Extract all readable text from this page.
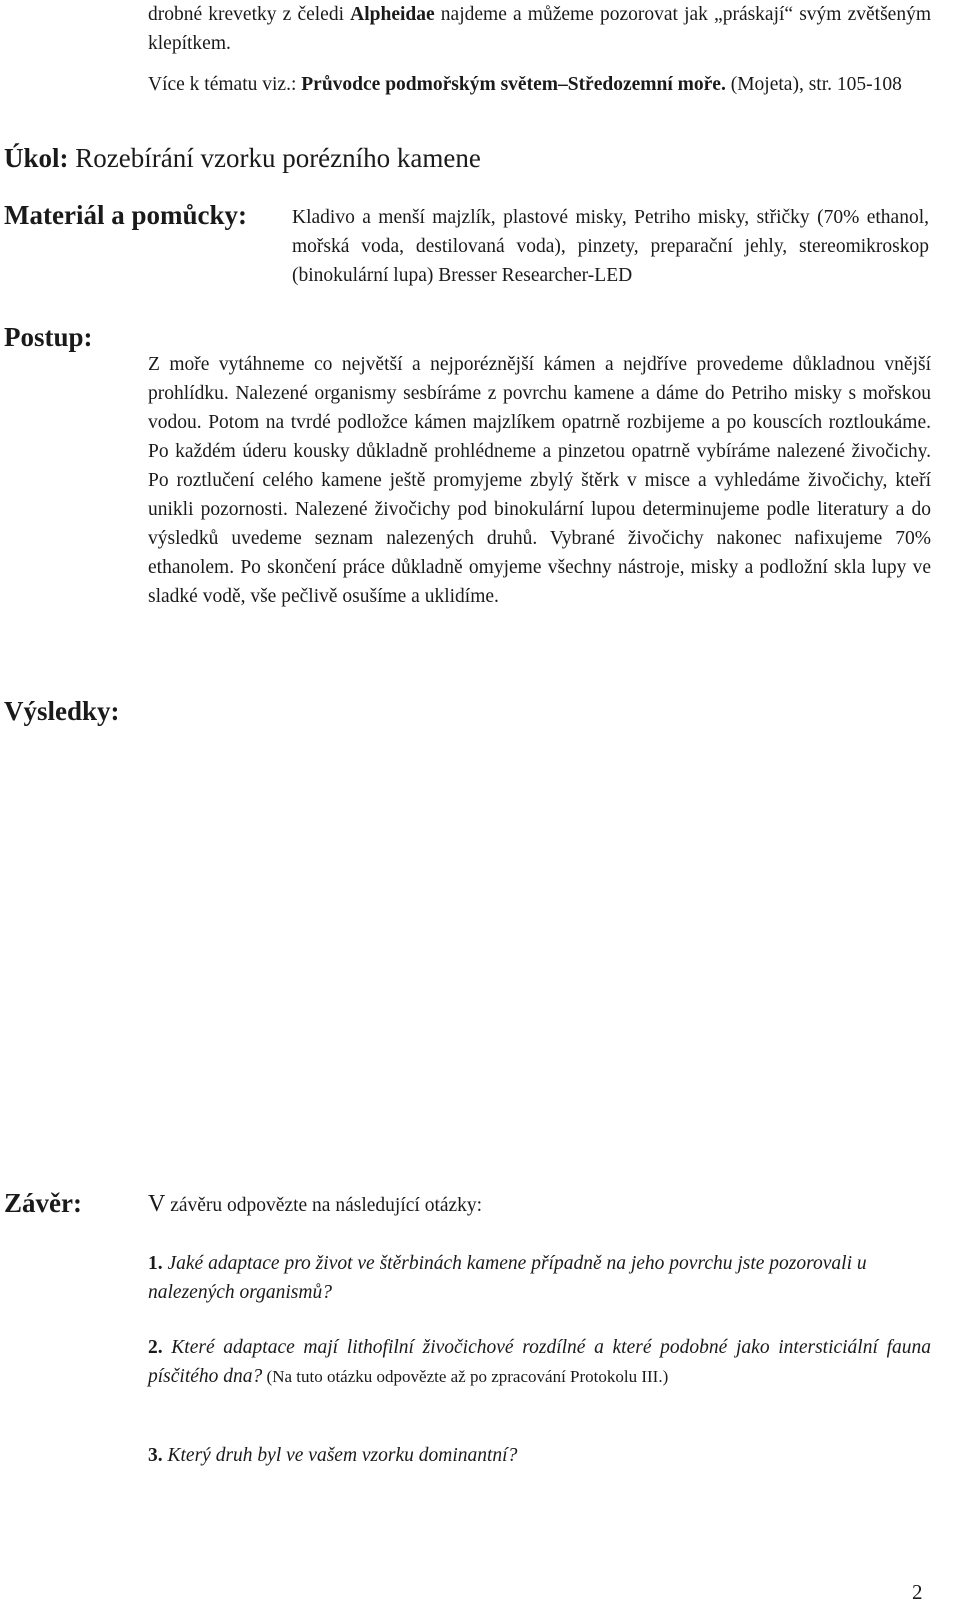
drobné krevetky z čeledi Alpheidae najdeme a můžeme pozorovat jak „práskají“ svým zvětšeným klepítkem.
Více k tématu viz.: Průvodce podmořským světem–Středozemní moře. (Mojeta), str. 105-108
Úkol: Rozebírání vzorku porézního kamene
Materiál a pomůcky: Kladivo a menší majzlík, plastové misky, Petriho misky, střičky (70% ethanol, mořská voda, destilovaná voda), pinzety, preparační jehly, stereomikroskop (binokulární lupa) Bresser Researcher-LED
Postup:
Z moře vytáhneme co největší a nejporéznější kámen a nejdříve provedeme důkladnou vnější prohlídku. Nalezené organismy sesbíráme z povrchu kamene a dáme do Petriho misky s mořskou vodou. Potom na tvrdé podložce kámen majzlíkem opatrně rozbijeme a po kouscích roztloukáme. Po každém úderu kousky důkladně prohlédneme a pinzetou opatrně vybíráme nalezené živočichy. Po roztlučení celého kamene ještě promyjeme zbylý štěrk v misce a vyhledáme živočichy, kteří unikli pozornosti. Nalezené živočichy pod binokulární lupou determinujeme podle literatury a do výsledků uvedeme seznam nalezených druhů. Vybrané živočichy nakonec nafixujeme 70% ethanolem. Po skončení práce důkladně omyjeme všechny nástroje, misky a podložní skla lupy ve sladké vodě, vše pečlivě osušíme a uklidíme.
Výsledky:
Závěr:	V závěru odpovězte na následující otázky:
1. Jaké adaptace pro život ve štěrbinách kamene případně na jeho povrchu jste pozorovali u nalezených organismů?
2. Které adaptace mají lithofilní živočichové rozdílné a které podobné jako intersticiální fauna písčitého dna? (Na tuto otázku odpovězte až po zpracování Protokolu III.)
3. Který druh byl ve vašem vzorku dominantní?
2
